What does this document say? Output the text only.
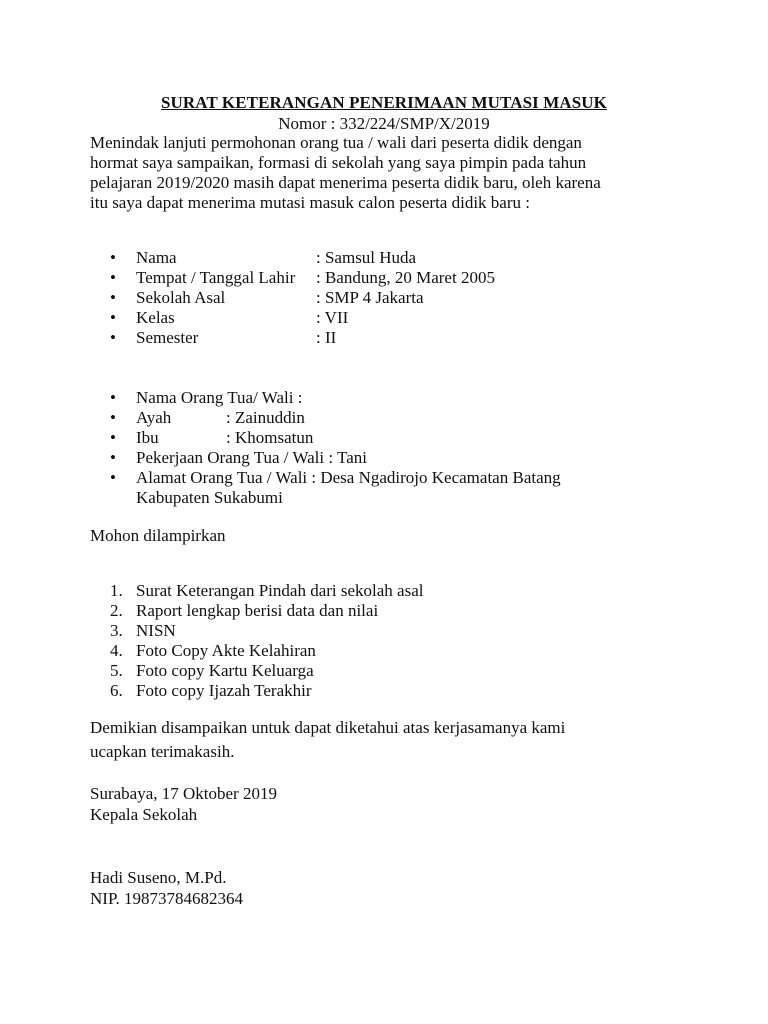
SURAT KETERANGAN PENERIMAAN MUTASI MASUK
Nomor : 332/224/SMP/X/2019
Menindak lanjuti permohonan orang tua / wali dari peserta didik dengan
hormat saya sampaikan, formasi di sekolah yang saya pimpin pada tahun
pelajaran 2019/2020 masih dapat menerima peserta didik baru, oleh karena
itu saya dapat menerima mutasi masuk calon peserta didik baru :
• Nama	: Samsul Huda
• Tempat / Tanggal Lahir : Bandung, 20 Maret 2005
• Sekolah Asal	: SMP 4 Jakarta
• Kelas	: VII
• Semester	: II
• Nama Orang Tua/ Wali :
• Ayah	: Zainuddin
• Ibu	: Khomsatun
• Pekerjaan Orang Tua / Wali : Tani
• Alamat Orang Tua / Wali : Desa Ngadirojo Kecamatan Batang
Kabupaten Sukabumi
Mohon dilampirkan
1. Surat Keterangan Pindah dari sekolah asal
2. Raport lengkap berisi data dan nilai
3. NISN
4. Foto Copy Akte Kelahiran
5. Foto copy Kartu Keluarga
6. Foto copy Ijazah Terakhir
Demikian disampaikan untuk dapat diketahui atas kerjasamanya kami
ucapkan terimakasih.
Surabaya, 17 Oktober 2019
Kepala Sekolah
Hadi Suseno, M.Pd.
NIP. 19873784682364
